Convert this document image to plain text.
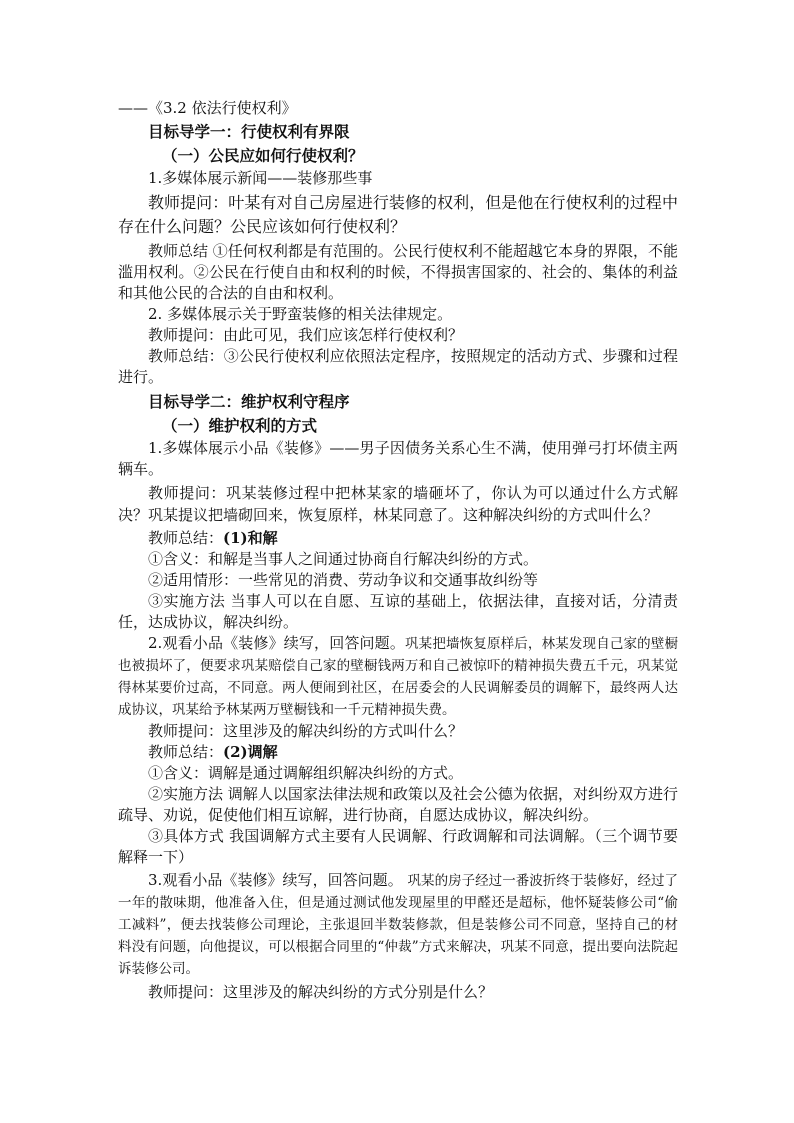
——《3.2 依法行使权利》

目标导学一：行使权利有界限

（一）公民应如何行使权利？

1.多媒体展示新闻——装修那些事

教师提问：叶某有对自己房屋进行装修的权利，但是他在行使权利的过程中存在什么问题？公民应该如何行使权利？

教师总结 ①任何权利都是有范围的。公民行使权利不能超越它本身的界限，不能滥用权利。②公民在行使自由和权利的时候，不得损害国家的、社会的、集体的利益和其他公民的合法的自由和权利。

2. 多媒体展示关于野蛮装修的相关法律规定。

教师提问：由此可见，我们应该怎样行使权利？

教师总结：③公民行使权利应依照法定程序，按照规定的活动方式、步骤和过程进行。

目标导学二：维护权利守程序

（一）维护权利的方式

1.多媒体展示小品《装修》——男子因债务关系心生不满，使用弹弓打坏债主两辆车。

教师提问：巩某装修过程中把林某家的墙砸坏了，你认为可以通过什么方式解决？巩某提议把墙砌回来，恢复原样，林某同意了。这种解决纠纷的方式叫什么？

教师总结：(1)和解

①含义：和解是当事人之间通过协商自行解决纠纷的方式。

②适用情形：一些常见的消费、劳动争议和交通事故纠纷等

③实施方法 当事人可以在自愿、互谅的基础上，依据法律，直接对话，分清责任，达成协议，解决纠纷。

2.观看小品《装修》续写，回答问题。巩某把墙恢复原样后，林某发现自己家的壁橱也被损坏了，便要求巩某赔偿自己家的壁橱钱两万和自己被惊吓的精神损失费五千元，巩某觉得林某要价过高，不同意。两人便闹到社区，在居委会的人民调解委员的调解下，最终两人达成协议，巩某给予林某两万壁橱钱和一千元精神损失费。

教师提问：这里涉及的解决纠纷的方式叫什么？

教师总结：(2)调解

①含义：调解是通过调解组织解决纠纷的方式。

②实施方法 调解人以国家法律法规和政策以及社会公德为依据，对纠纷双方进行疏导、劝说，促使他们相互谅解，进行协商，自愿达成协议，解决纠纷。

③具体方式 我国调解方式主要有人民调解、行政调解和司法调解。（三个调节要解释一下）

3.观看小品《装修》续写，回答问题。 巩某的房子经过一番波折终于装修好，经过了一年的散味期，他准备入住，但是通过测试他发现屋里的甲醛还是超标，他怀疑装修公司“偷工减料”，便去找装修公司理论，主张退回半数装修款，但是装修公司不同意，坚持自己的材料没有问题，向他提议，可以根据合同里的“仲裁”方式来解决，巩某不同意，提出要向法院起诉装修公司。

教师提问：这里涉及的解决纠纷的方式分别是什么？
